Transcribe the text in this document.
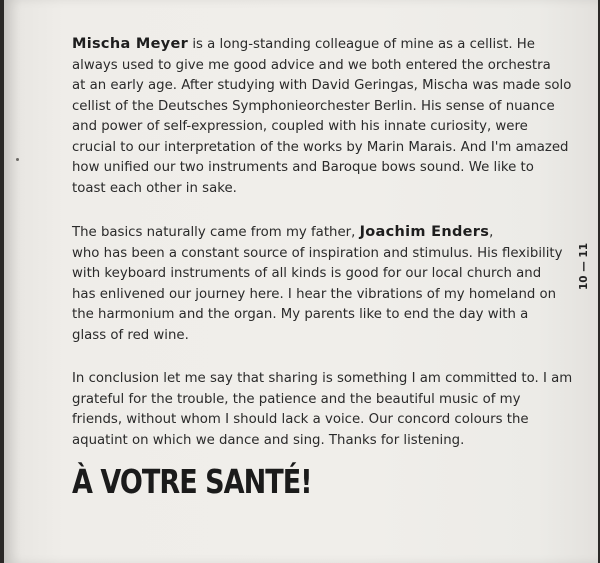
Mischa Meyer is a long-standing colleague of mine as a cellist. He
always used to give me good advice and we both entered the orchestra
at an early age. After studying with David Geringas, Mischa was made solo
cellist of the Deutsches Symphonieorchester Berlin. His sense of nuance
and power of self-expression, coupled with his innate curiosity, were
crucial to our interpretation of the works by Marin Marais. And I'm amazed
how unified our two instruments and Baroque bows sound. We like to
toast each other in sake.

The basics naturally came from my father, Joachim Enders,
who has been a constant source of inspiration and stimulus. His flexibility
with keyboard instruments of all kinds is good for our local church and
has enlivened our journey here. I hear the vibrations of my homeland on
the harmonium and the organ. My parents like to end the day with a
glass of red wine.

In conclusion let me say that sharing is something I am committed to. I am
grateful for the trouble, the patience and the beautiful music of my
friends, without whom I should lack a voice. Our concord colours the
aquatint on which we dance and sing. Thanks for listening.

À VOTRE SANTÉ!
10 — 11
